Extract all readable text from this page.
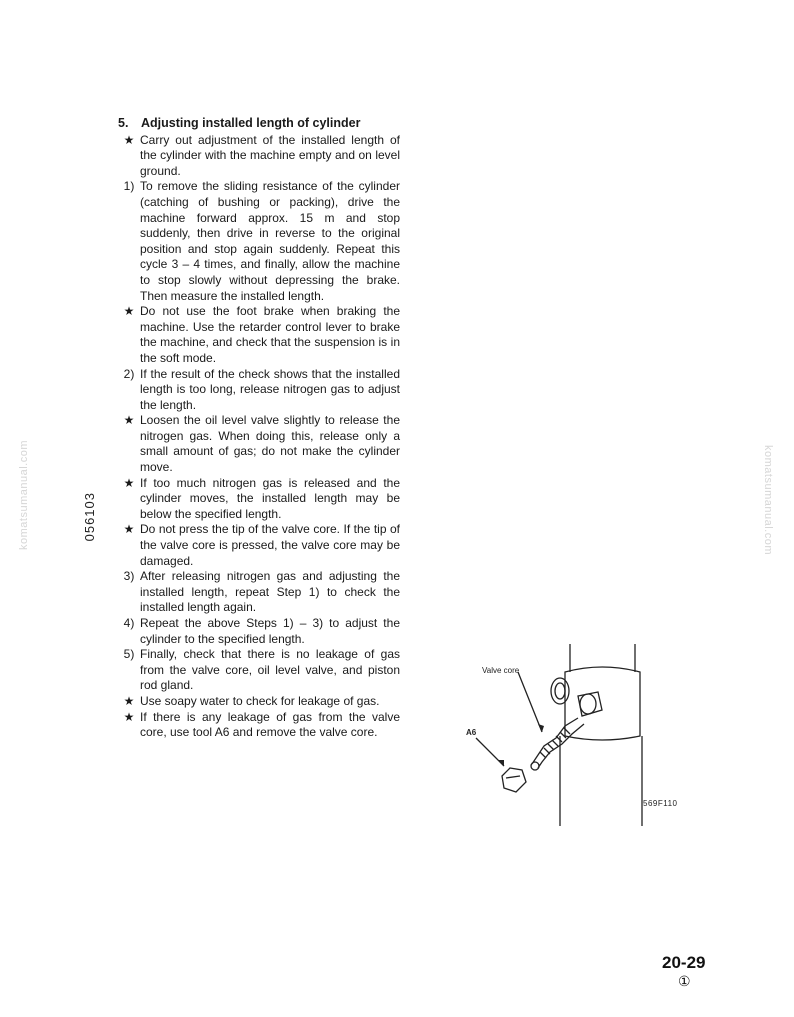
komatsumanual.com	komatsumanual.com
056103
5. Adjusting installed length of cylinder
★ Carry out adjustment of the installed length of the cylinder with the machine empty and on level ground.
1) To remove the sliding resistance of the cylinder (catching of bushing or packing), drive the machine forward approx. 15 m and stop suddenly, then drive in reverse to the original position and stop again suddenly. Repeat this cycle 3 – 4 times, and finally, allow the machine to stop slowly without depressing the brake. Then measure the installed length.
★ Do not use the foot brake when braking the machine. Use the retarder control lever to brake the machine, and check that the suspension is in the soft mode.
2) If the result of the check shows that the installed length is too long, release nitrogen gas to adjust the length.
★ Loosen the oil level valve slightly to release the nitrogen gas. When doing this, release only a small amount of gas; do not make the cylinder move.
★ If too much nitrogen gas is released and the cylinder moves, the installed length may be below the specified length.
★ Do not press the tip of the valve core. If the tip of the valve core is pressed, the valve core may be damaged.
3) After releasing nitrogen gas and adjusting the installed length, repeat Step 1) to check the installed length again.
4) Repeat the above Steps 1) – 3) to adjust the cylinder to the specified length.
5) Finally, check that there is no leakage of gas from the valve core, oil level valve, and piston rod gland.
★ Use soapy water to check for leakage of gas.
★ If there is any leakage of gas from the valve core, use tool A6 and remove the valve core.
Valve core
A6
569F110
20-29
①
